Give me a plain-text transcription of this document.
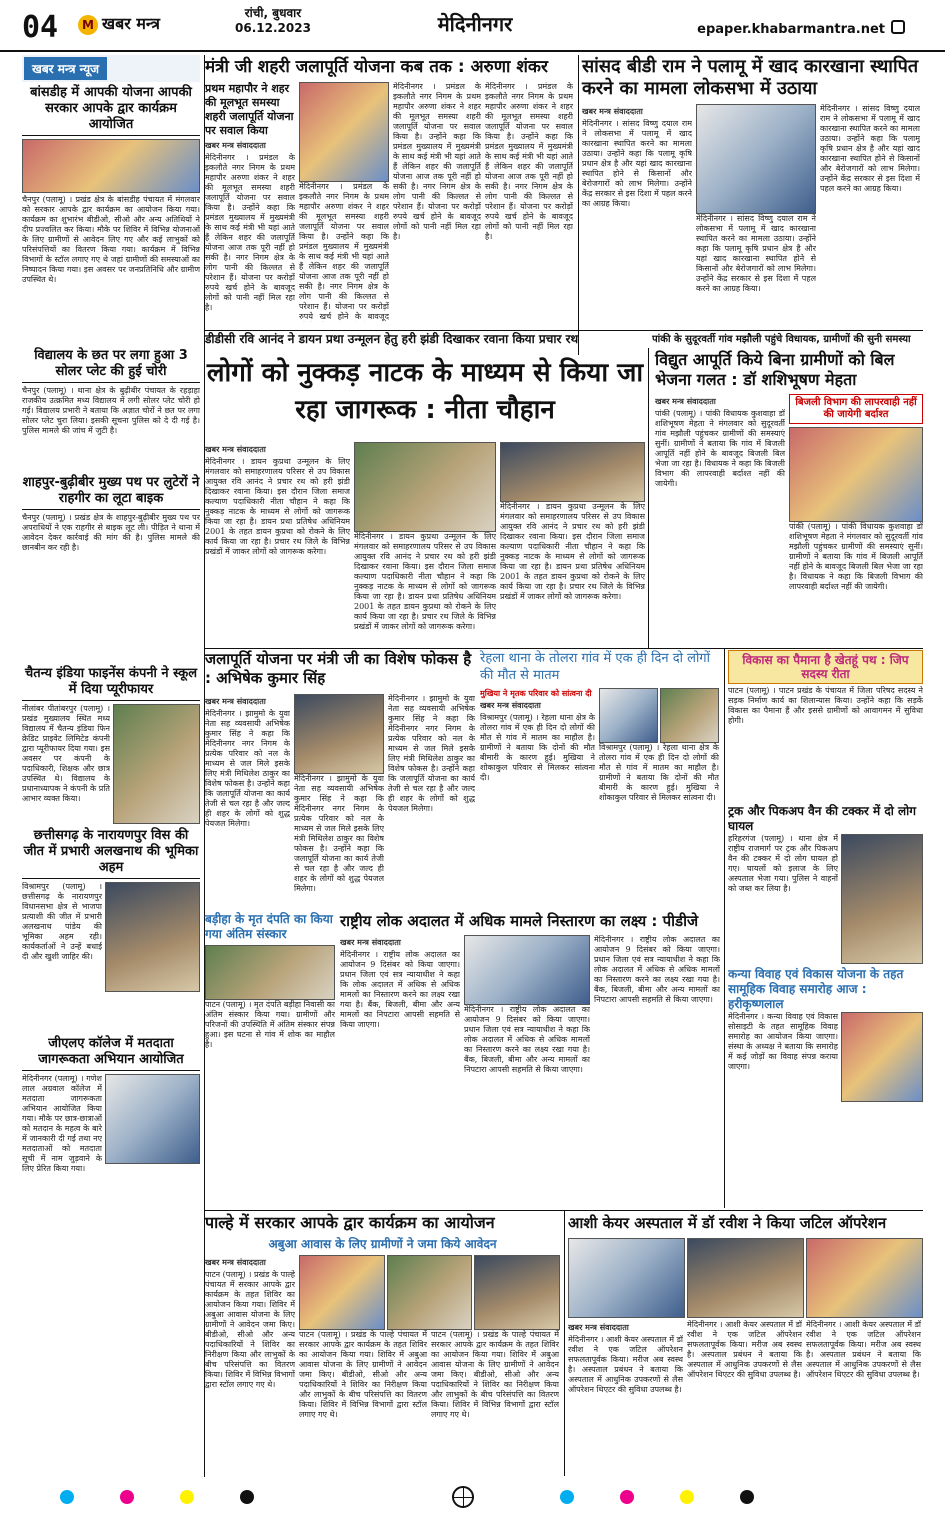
04	M खबर मन्त्र
रांची, बुधवार
06.12.2023	मेदिनीनगर	epaper.khabarmantra.net
खबर मन्त्र न्यूज
बांसडीह में आपकी योजना आपकी सरकार आपके द्वार कार्यक्रम आयोजित
चैनपुर (पलामू) । प्रखंड क्षेत्र के बांसडीह पंचायत में मंगलवार को सरकार आपके द्वार कार्यक्रम का आयोजन किया गया। कार्यक्रम का शुभारंभ बीडीओ, सीओ और अन्य अतिथियों ने दीप प्रज्वलित कर किया। मौके पर शिविर में विभिन्न योजनाओं के लिए ग्रामीणों से आवेदन लिए गए और कई लाभुकों को परिसंपत्तियों का वितरण किया गया। कार्यक्रम में विभिन्न विभागों के स्टॉल लगाए गए थे जहां ग्रामीणों की समस्याओं का निष्पादन किया गया। इस अवसर पर जनप्रतिनिधि और ग्रामीण उपस्थित थे।
विद्यालय के छत पर लगा हुआ 3 सोलर प्लेट की हुई चोरी
चैनपुर (पलामू) । थाना क्षेत्र के बुढ़ीबीर पंचायत के रहड़ाहा राजकीय उत्क्रमित मध्य विद्यालय में लगी सोलर प्लेट चोरी हो गई। विद्यालय प्रभारी ने बताया कि अज्ञात चोरों ने छत पर लगा सोलर प्लेट चुरा लिया। इसकी सूचना पुलिस को दे दी गई है। पुलिस मामले की जांच में जुटी है।
शाहपुर-बुढ़ीबीर मुख्य पथ पर लुटेरों ने राहगीर का लूटा बाइक
चैनपुर (पलामू) । प्रखंड क्षेत्र के शाहपुर-बुढ़ीबीर मुख्य पथ पर अपराधियों ने एक राहगीर से बाइक लूट ली। पीड़ित ने थाना में आवेदन देकर कार्रवाई की मांग की है। पुलिस मामले की छानबीन कर रही है।
चैतन्य इंडिया फाइनेंस कंपनी ने स्कूल में दिया प्यूरीफायर
नीलांबर पीतांबरपुर (पलामू) । प्रखंड मुख्यालय स्थित मध्य विद्यालय में चैतन्य इंडिया फिन क्रेडिट प्राइवेट लिमिटेड कंपनी द्वारा प्यूरीफायर दिया गया। इस अवसर पर कंपनी के पदाधिकारी, शिक्षक और छात्र उपस्थित थे। विद्यालय के प्रधानाध्यापक ने कंपनी के प्रति आभार व्यक्त किया।
छत्तीसगढ़ के नारायणपुर विस की जीत में प्रभारी अलखनाथ की भूमिका अहम
विश्रामपुर (पलामू) । छत्तीसगढ़ के नारायणपुर विधानसभा क्षेत्र से भाजपा प्रत्याशी की जीत में प्रभारी अलखनाथ पांडेय की भूमिका अहम रही। कार्यकर्ताओं ने उन्हें बधाई दी और खुशी जाहिर की।
जीएलए कॉलेज में मतदाता जागरूकता अभियान आयोजित
मेदिनीनगर (पलामू) । गणेश लाल अग्रवाल कॉलेज में मतदाता जागरूकता अभियान आयोजित किया गया। मौके पर छात्र-छात्राओं को मतदान के महत्व के बारे में जानकारी दी गई तथा नए मतदाताओं को मतदाता सूची में नाम जुड़वाने के लिए प्रेरित किया गया।
मंत्री जी शहरी जलापूर्ति योजना कब तक : अरुणा शंकर
प्रथम महापौर ने शहर की मूलभूत समस्या शहरी जलापूर्ति योजना पर सवाल किया
खबर मन्त्र संवाददाता
मेदिनीनगर । प्रमंडल के इकलौते नगर निगम के प्रथम महापौर अरुणा शंकर ने शहर की मूलभूत समस्या शहरी जलापूर्ति योजना पर सवाल किया है। उन्होंने कहा कि प्रमंडल मुख्यालय में मुख्यमंत्री के साथ कई मंत्री भी यहां आते हैं लेकिन शहर की जलापूर्ति योजना आज तक पूरी नहीं हो सकी है। नगर निगम क्षेत्र के लोग पानी की किल्लत से परेशान हैं। योजना पर करोड़ों रुपये खर्च होने के बावजूद लोगों को पानी नहीं मिल रहा है।
मेदिनीनगर । प्रमंडल के इकलौते नगर निगम के प्रथम महापौर अरुणा शंकर ने शहर की मूलभूत समस्या शहरी जलापूर्ति योजना पर सवाल किया है। उन्होंने कहा कि प्रमंडल मुख्यालय में मुख्यमंत्री के साथ कई मंत्री भी यहां आते हैं लेकिन शहर की जलापूर्ति योजना आज तक पूरी नहीं हो सकी है। नगर निगम क्षेत्र के लोग पानी की किल्लत से परेशान हैं। योजना पर करोड़ों रुपये खर्च होने के बावजूद
मेदिनीनगर । प्रमंडल के इकलौते नगर निगम के प्रथम महापौर अरुणा शंकर ने शहर की मूलभूत समस्या शहरी जलापूर्ति योजना पर सवाल किया है। उन्होंने कहा कि प्रमंडल मुख्यालय में मुख्यमंत्री के साथ कई मंत्री भी यहां आते हैं लेकिन शहर की जलापूर्ति योजना आज तक पूरी नहीं हो सकी है। नगर निगम क्षेत्र के लोग पानी की किल्लत से परेशान हैं। योजना पर करोड़ों रुपये खर्च होने के बावजूद लोगों को पानी नहीं मिल रहा है।
मेदिनीनगर । प्रमंडल के इकलौते नगर निगम के प्रथम महापौर अरुणा शंकर ने शहर की मूलभूत समस्या शहरी जलापूर्ति योजना पर सवाल किया है। उन्होंने कहा कि प्रमंडल मुख्यालय में मुख्यमंत्री के साथ कई मंत्री भी यहां आते हैं लेकिन शहर की जलापूर्ति योजना आज तक पूरी नहीं हो सकी है। नगर निगम क्षेत्र के लोग पानी की किल्लत से परेशान हैं। योजना पर करोड़ों रुपये खर्च होने के बावजूद लोगों को पानी नहीं मिल रहा है।
सांसद बीडी राम ने पलामू में खाद कारखाना स्थापित करने का मामला लोकसभा में उठाया
खबर मन्त्र संवाददाता
मेदिनीनगर । सांसद विष्णु दयाल राम ने लोकसभा में पलामू में खाद कारखाना स्थापित करने का मामला उठाया। उन्होंने कहा कि पलामू कृषि प्रधान क्षेत्र है और यहां खाद कारखाना स्थापित होने से किसानों और बेरोजगारों को लाभ मिलेगा। उन्होंने केंद्र सरकार से इस दिशा में पहल करने का आग्रह किया।
मेदिनीनगर । सांसद विष्णु दयाल राम ने लोकसभा में पलामू में खाद कारखाना स्थापित करने का मामला उठाया। उन्होंने कहा कि पलामू कृषि प्रधान क्षेत्र है और यहां खाद कारखाना स्थापित होने से किसानों और बेरोजगारों को लाभ मिलेगा। उन्होंने केंद्र सरकार से इस दिशा में पहल करने का आग्रह किया।
मेदिनीनगर । सांसद विष्णु दयाल राम ने लोकसभा में पलामू में खाद कारखाना स्थापित करने का मामला उठाया। उन्होंने कहा कि पलामू कृषि प्रधान क्षेत्र है और यहां खाद कारखाना स्थापित होने से किसानों और बेरोजगारों को लाभ मिलेगा। उन्होंने केंद्र सरकार से इस दिशा में पहल करने का आग्रह किया।
डीडीसी रवि आनंद ने डायन प्रथा उन्मूलन हेतु हरी झंडी दिखाकर रवाना किया प्रचार रथ	पांकी के सुदूरवर्ती गांव मझौली पहुंचे विधायक, ग्रामीणों की सुनी समस्या
लोगों को नुक्कड़ नाटक के माध्यम से किया जा रहा जागरूक : नीता चौहान
खबर मन्त्र संवाददाता
मेदिनीनगर । डायन कुप्रथा उन्मूलन के लिए मंगलवार को समाहरणालय परिसर से उप विकास आयुक्त रवि आनंद ने प्रचार रथ को हरी झंडी दिखाकर रवाना किया। इस दौरान जिला समाज कल्याण पदाधिकारी नीता चौहान ने कहा कि नुक्कड़ नाटक के माध्यम से लोगों को जागरूक किया जा रहा है। डायन प्रथा प्रतिषेध अधिनियम 2001 के तहत डायन कुप्रथा को रोकने के लिए कार्य किया जा रहा है। प्रचार रथ जिले के विभिन्न प्रखंडों में जाकर लोगों को जागरूक करेगा।
मेदिनीनगर । डायन कुप्रथा उन्मूलन के लिए मंगलवार को समाहरणालय परिसर से उप विकास आयुक्त रवि आनंद ने प्रचार रथ को हरी झंडी दिखाकर रवाना किया। इस दौरान जिला समाज कल्याण पदाधिकारी नीता चौहान ने कहा कि नुक्कड़ नाटक के माध्यम से लोगों को जागरूक किया जा रहा है। डायन प्रथा प्रतिषेध अधिनियम 2001 के तहत डायन कुप्रथा को रोकने के लिए कार्य किया जा रहा है। प्रचार रथ जिले के विभिन्न प्रखंडों में जाकर लोगों को जागरूक करेगा।
मेदिनीनगर । डायन कुप्रथा उन्मूलन के लिए मंगलवार को समाहरणालय परिसर से उप विकास आयुक्त रवि आनंद ने प्रचार रथ को हरी झंडी दिखाकर रवाना किया। इस दौरान जिला समाज कल्याण पदाधिकारी नीता चौहान ने कहा कि नुक्कड़ नाटक के माध्यम से लोगों को जागरूक किया जा रहा है। डायन प्रथा प्रतिषेध अधिनियम 2001 के तहत डायन कुप्रथा को रोकने के लिए कार्य किया जा रहा है। प्रचार रथ जिले के विभिन्न प्रखंडों में जाकर लोगों को जागरूक करेगा।
विद्युत आपूर्ति किये बिना ग्रामीणों को बिल भेजना गलत : डॉ शशिभूषण मेहता
खबर मन्त्र संवाददाता
पांकी (पलामू) । पांकी विधायक कुशवाहा डॉ शशिभूषण मेहता ने मंगलवार को सुदूरवर्ती गांव मझौली पहुंचकर ग्रामीणों की समस्याएं सुनीं। ग्रामीणों ने बताया कि गांव में बिजली आपूर्ति नहीं होने के बावजूद बिजली बिल भेजा जा रहा है। विधायक ने कहा कि बिजली विभाग की लापरवाही बर्दाश्त नहीं की जायेगी।
बिजली विभाग की लापरवाही नहीं की जायेगी बर्दाश्त
पांकी (पलामू) । पांकी विधायक कुशवाहा डॉ शशिभूषण मेहता ने मंगलवार को सुदूरवर्ती गांव मझौली पहुंचकर ग्रामीणों की समस्याएं सुनीं। ग्रामीणों ने बताया कि गांव में बिजली आपूर्ति नहीं होने के बावजूद बिजली बिल भेजा जा रहा है। विधायक ने कहा कि बिजली विभाग की लापरवाही बर्दाश्त नहीं की जायेगी।
जलापूर्ति योजना पर मंत्री जी का विशेष फोकस है : अभिषेक कुमार सिंह
खबर मन्त्र संवाददाता
मेदिनीनगर । झामुमो के युवा नेता सह व्यवसायी अभिषेक कुमार सिंह ने कहा कि मेदिनीनगर नगर निगम के प्रत्येक परिवार को नल के माध्यम से जल मिले इसके लिए मंत्री मिथिलेश ठाकुर का विशेष फोकस है। उन्होंने कहा कि जलापूर्ति योजना का कार्य तेजी से चल रहा है और जल्द ही शहर के लोगों को शुद्ध पेयजल मिलेगा।
मेदिनीनगर । झामुमो के युवा नेता सह व्यवसायी अभिषेक कुमार सिंह ने कहा कि मेदिनीनगर नगर निगम के प्रत्येक परिवार को नल के माध्यम से जल मिले इसके लिए मंत्री मिथिलेश ठाकुर का विशेष फोकस है। उन्होंने कहा कि जलापूर्ति योजना का कार्य तेजी से चल रहा है और जल्द ही शहर के लोगों को शुद्ध पेयजल मिलेगा।
मेदिनीनगर । झामुमो के युवा नेता सह व्यवसायी अभिषेक कुमार सिंह ने कहा कि मेदिनीनगर नगर निगम के प्रत्येक परिवार को नल के माध्यम से जल मिले इसके लिए मंत्री मिथिलेश ठाकुर का विशेष फोकस है। उन्होंने कहा कि जलापूर्ति योजना का कार्य तेजी से चल रहा है और जल्द ही शहर के लोगों को शुद्ध पेयजल मिलेगा।
रेहला थाना के तोलरा गांव में एक ही दिन दो लोगों की मौत से मातम
मुखिया ने मृतक परिवार को सांत्वना दी
खबर मन्त्र संवाददाता
विश्रामपुर (पलामू) । रेहला थाना क्षेत्र के तोलरा गांव में एक ही दिन दो लोगों की मौत से गांव में मातम का माहौल है। ग्रामीणों ने बताया कि दोनों की मौत बीमारी के कारण हुई। मुखिया ने शोकाकुल परिवार से मिलकर सांत्वना दी।
विश्रामपुर (पलामू) । रेहला थाना क्षेत्र के तोलरा गांव में एक ही दिन दो लोगों की मौत से गांव में मातम का माहौल है। ग्रामीणों ने बताया कि दोनों की मौत बीमारी के कारण हुई। मुखिया ने शोकाकुल परिवार से मिलकर सांत्वना दी।
विकास का पैमाना है खेतहूं पथ : जिप सदस्य रीता
पाटन (पलामू) । पाटन प्रखंड के पंचायत में जिला परिषद सदस्य ने सड़क निर्माण कार्य का शिलान्यास किया। उन्होंने कहा कि सड़कें विकास का पैमाना हैं और इससे ग्रामीणों को आवागमन में सुविधा होगी।
ट्रक और पिकअप वैन की टक्कर में दो लोग घायल
हरिहरगंज (पलामू) । थाना क्षेत्र में राष्ट्रीय राजमार्ग पर ट्रक और पिकअप वैन की टक्कर में दो लोग घायल हो गए। घायलों को इलाज के लिए अस्पताल भेजा गया। पुलिस ने वाहनों को जब्त कर लिया है।
कन्या विवाह एवं विकास योजना के तहत सामूहिक विवाह समारोह आज : हरीकृष्णलाल
मेदिनीनगर । कन्या विवाह एवं विकास सोसाइटी के तहत सामूहिक विवाह समारोह का आयोजन किया जाएगा। संस्था के अध्यक्ष ने बताया कि समारोह में कई जोड़ों का विवाह संपन्न कराया जाएगा।
बड़ीहा के मृत दंपति का किया गया अंतिम संस्कार
पाटन (पलामू) । मृत दंपति बड़ीहा निवासी का अंतिम संस्कार किया गया। ग्रामीणों और परिजनों की उपस्थिति में अंतिम संस्कार संपन्न हुआ। इस घटना से गांव में शोक का माहौल है।
राष्ट्रीय लोक अदालत में अधिक मामले निस्तारण का लक्ष्य : पीडीजे
खबर मन्त्र संवाददाता
मेदिनीनगर । राष्ट्रीय लोक अदालत का आयोजन 9 दिसंबर को किया जाएगा। प्रधान जिला एवं सत्र न्यायाधीश ने कहा कि लोक अदालत में अधिक से अधिक मामलों का निस्तारण करने का लक्ष्य रखा गया है। बैंक, बिजली, बीमा और अन्य मामलों का निपटारा आपसी सहमति से किया जाएगा।
मेदिनीनगर । राष्ट्रीय लोक अदालत का आयोजन 9 दिसंबर को किया जाएगा। प्रधान जिला एवं सत्र न्यायाधीश ने कहा कि लोक अदालत में अधिक से अधिक मामलों का निस्तारण करने का लक्ष्य रखा गया है। बैंक, बिजली, बीमा और अन्य मामलों का निपटारा आपसी सहमति से किया जाएगा।
मेदिनीनगर । राष्ट्रीय लोक अदालत का आयोजन 9 दिसंबर को किया जाएगा। प्रधान जिला एवं सत्र न्यायाधीश ने कहा कि लोक अदालत में अधिक से अधिक मामलों का निस्तारण करने का लक्ष्य रखा गया है। बैंक, बिजली, बीमा और अन्य मामलों का निपटारा आपसी सहमति से किया जाएगा।
पाल्हे में सरकार आपके द्वार कार्यक्रम का आयोजन
अबुआ आवास के लिए ग्रामीणों ने जमा किये आवेदन
खबर मन्त्र संवाददाता
पाटन (पलामू) । प्रखंड के पाल्हे पंचायत में सरकार आपके द्वार कार्यक्रम के तहत शिविर का आयोजन किया गया। शिविर में अबुआ आवास योजना के लिए ग्रामीणों ने आवेदन जमा किए। बीडीओ, सीओ और अन्य पदाधिकारियों ने शिविर का निरीक्षण किया और लाभुकों के बीच परिसंपत्ति का वितरण किया। शिविर में विभिन्न विभागों द्वारा स्टॉल लगाए गए थे।
पाटन (पलामू) । प्रखंड के पाल्हे पंचायत में सरकार आपके द्वार कार्यक्रम के तहत शिविर का आयोजन किया गया। शिविर में अबुआ आवास योजना के लिए ग्रामीणों ने आवेदन जमा किए। बीडीओ, सीओ और अन्य पदाधिकारियों ने शिविर का निरीक्षण किया और लाभुकों के बीच परिसंपत्ति का वितरण किया। शिविर में विभिन्न विभागों द्वारा स्टॉल लगाए गए थे।
पाटन (पलामू) । प्रखंड के पाल्हे पंचायत में सरकार आपके द्वार कार्यक्रम के तहत शिविर का आयोजन किया गया। शिविर में अबुआ आवास योजना के लिए ग्रामीणों ने आवेदन जमा किए। बीडीओ, सीओ और अन्य पदाधिकारियों ने शिविर का निरीक्षण किया और लाभुकों के बीच परिसंपत्ति का वितरण किया। शिविर में विभिन्न विभागों द्वारा स्टॉल लगाए गए थे।
आशी केयर अस्पताल में डॉ रवीश ने किया जटिल ऑपरेशन
खबर मन्त्र संवाददाता
मेदिनीनगर । आशी केयर अस्पताल में डॉ रवीश ने एक जटिल ऑपरेशन सफलतापूर्वक किया। मरीज अब स्वस्थ है। अस्पताल प्रबंधन ने बताया कि अस्पताल में आधुनिक उपकरणों से लैस ऑपरेशन थिएटर की सुविधा उपलब्ध है।
मेदिनीनगर । आशी केयर अस्पताल में डॉ रवीश ने एक जटिल ऑपरेशन सफलतापूर्वक किया। मरीज अब स्वस्थ है। अस्पताल प्रबंधन ने बताया कि अस्पताल में आधुनिक उपकरणों से लैस ऑपरेशन थिएटर की सुविधा उपलब्ध है।
मेदिनीनगर । आशी केयर अस्पताल में डॉ रवीश ने एक जटिल ऑपरेशन सफलतापूर्वक किया। मरीज अब स्वस्थ है। अस्पताल प्रबंधन ने बताया कि अस्पताल में आधुनिक उपकरणों से लैस ऑपरेशन थिएटर की सुविधा उपलब्ध है।
